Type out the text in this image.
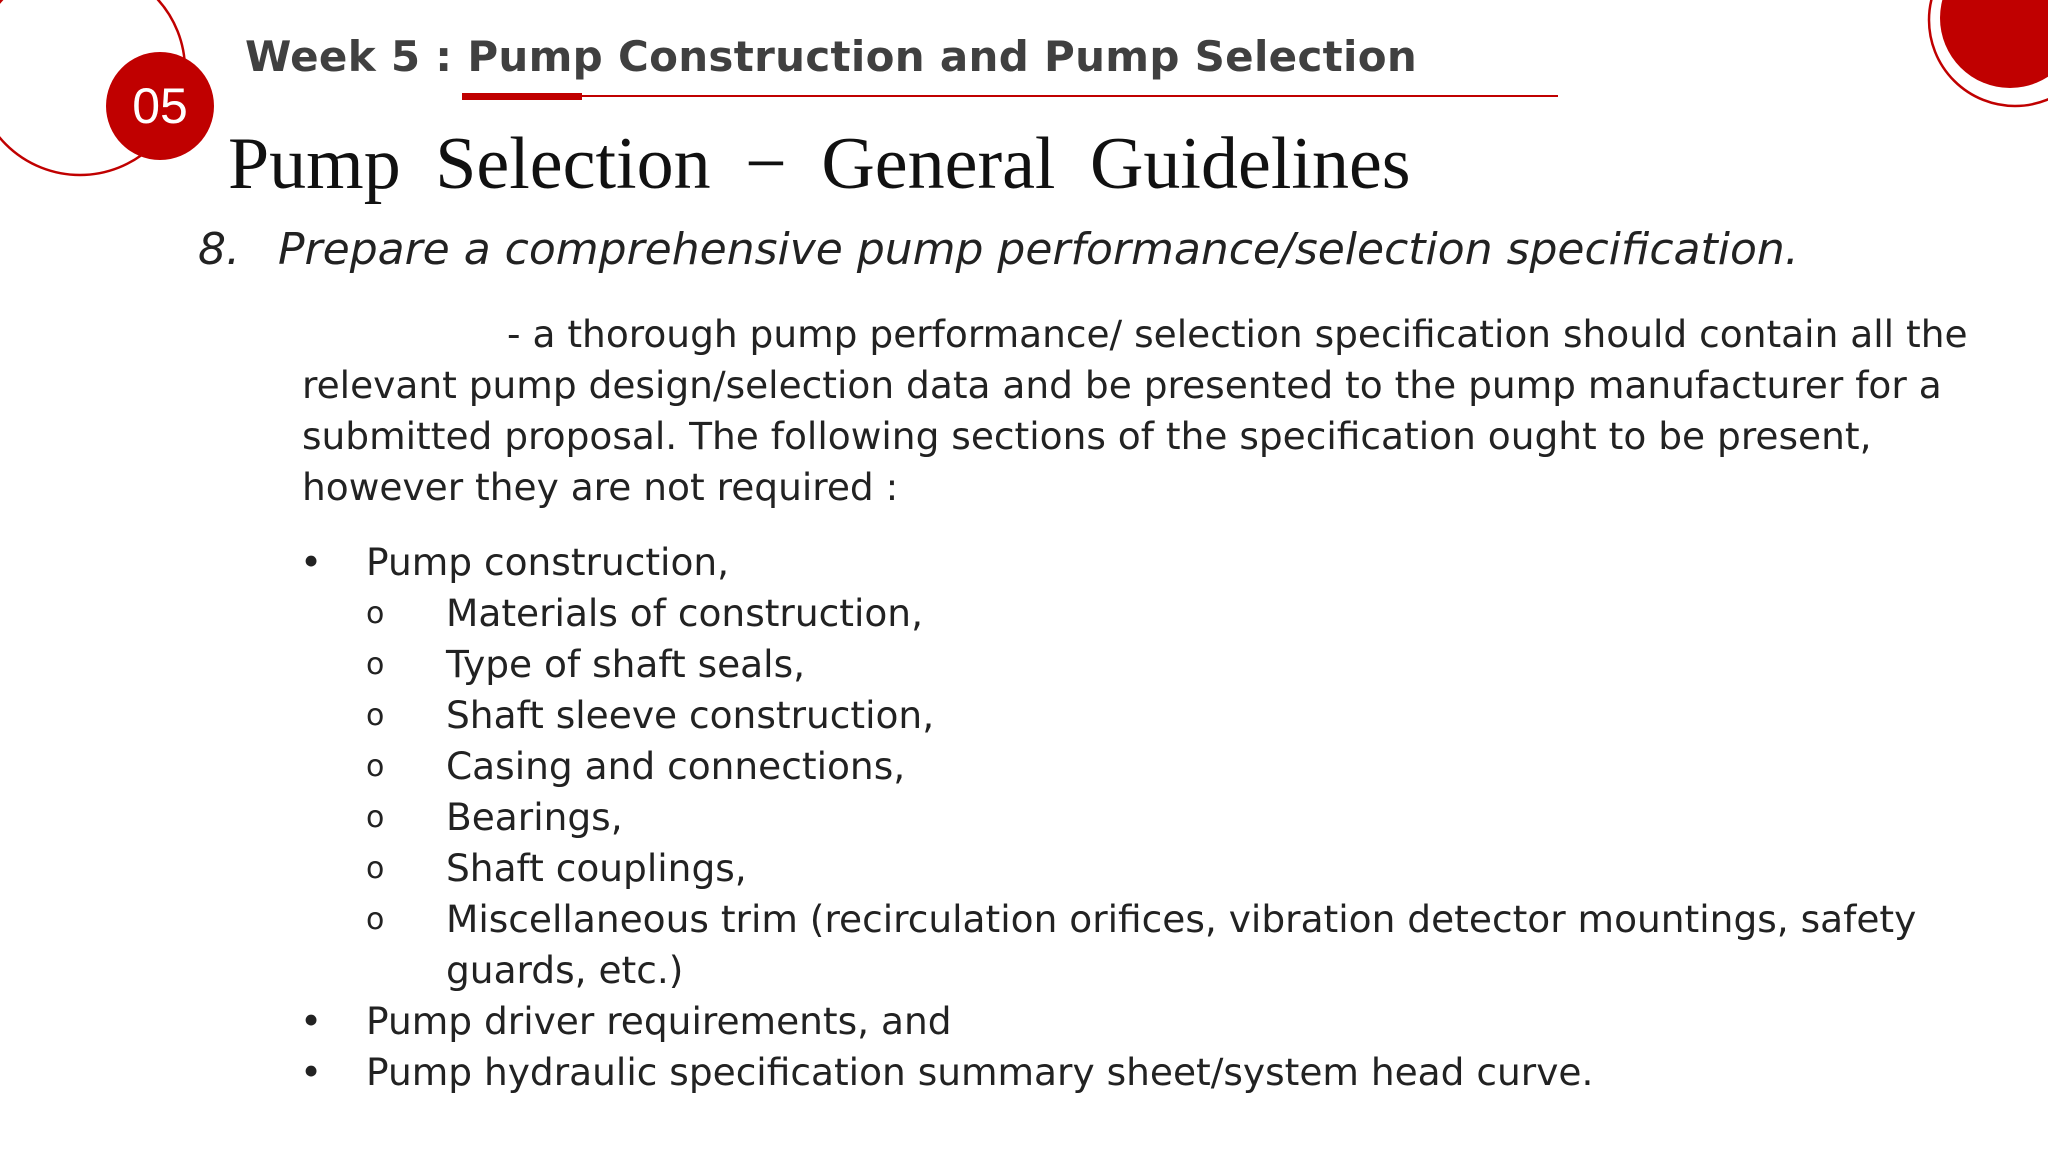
05
Week 5 : Pump Construction and Pump Selection
Pump Selection − General Guidelines
8. Prepare a comprehensive pump performance/selection specification.

- a thorough pump performance/ selection specification should contain all the relevant pump design/selection data and be presented to the pump manufacturer for a submitted proposal. The following sections of the specification ought to be present, however they are not required :

• Pump construction,
o	Materials of construction,
o	Type of shaft seals,
o	Shaft sleeve construction,
o	Casing and connections,
o	Bearings,
o	Shaft couplings,
o	Miscellaneous trim (recirculation orifices, vibration detector mountings, safety guards, etc.)
• Pump driver requirements, and
• Pump hydraulic specification summary sheet/system head curve.
